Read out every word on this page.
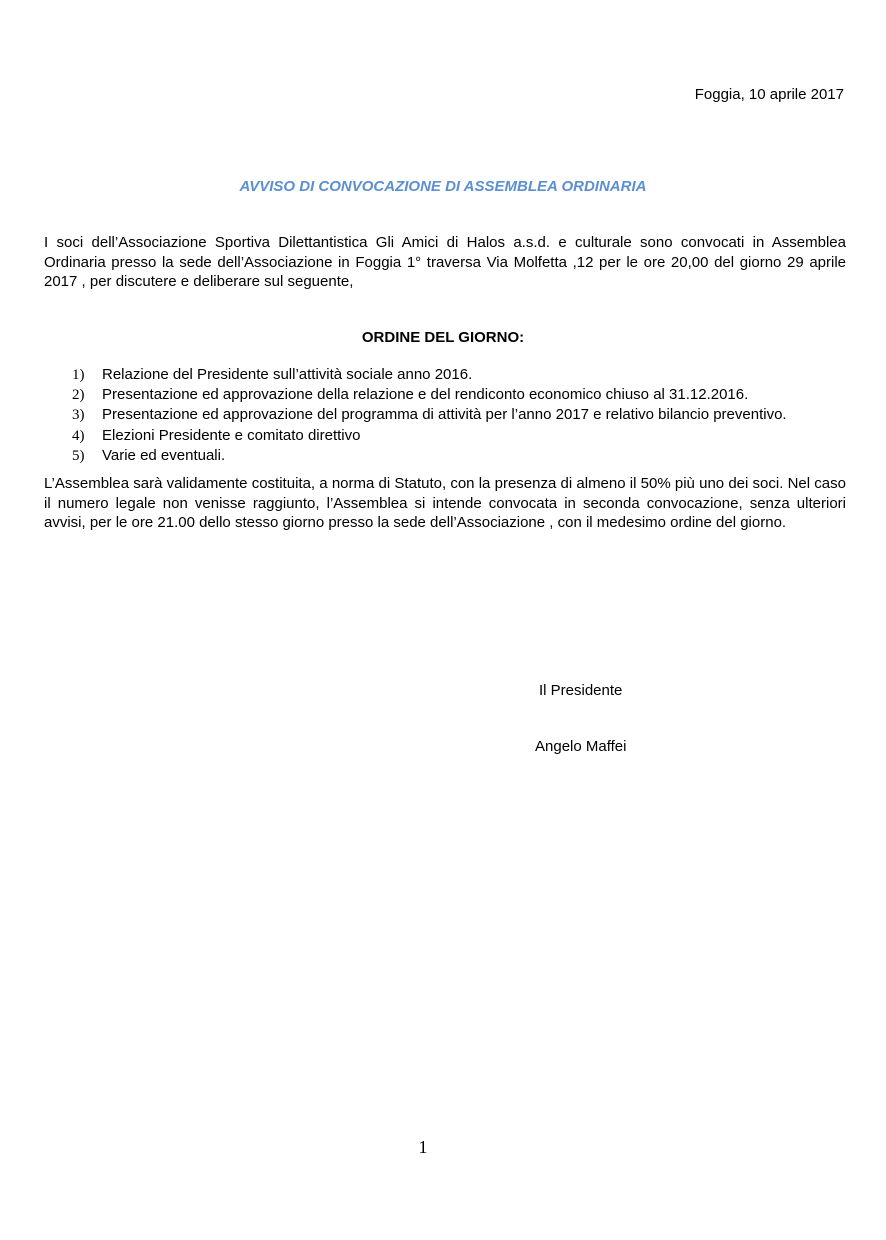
Foggia, 10 aprile 2017
AVVISO DI CONVOCAZIONE DI ASSEMBLEA ORDINARIA

I soci dell’Associazione Sportiva Dilettantistica Gli Amici di Halos a.s.d. e culturale sono convocati in Assemblea Ordinaria presso la sede dell’Associazione in Foggia 1° traversa Via Molfetta ,12 per le ore 20,00 del giorno 29 aprile 2017 , per discutere e deliberare sul seguente,

ORDINE DEL GIORNO:
1)	Relazione del Presidente sull’attività sociale anno 2016.
2)	Presentazione ed approvazione della relazione e del rendiconto economico chiuso al 31.12.2016.
3)	Presentazione ed approvazione del programma di attività per l’anno 2017 e relativo bilancio preventivo.
4)	Elezioni Presidente e comitato direttivo
5)	Varie ed eventuali.

L’Assemblea sarà validamente costituita, a norma di Statuto, con la presenza di almeno il 50% più uno dei soci. Nel caso il numero legale non venisse raggiunto, l’Assemblea si intende convocata in seconda convocazione, senza ulteriori avvisi, per le ore 21.00 dello stesso giorno presso la sede dell’Associazione , con il medesimo ordine del giorno.

Il Presidente
Angelo Maffei
1
